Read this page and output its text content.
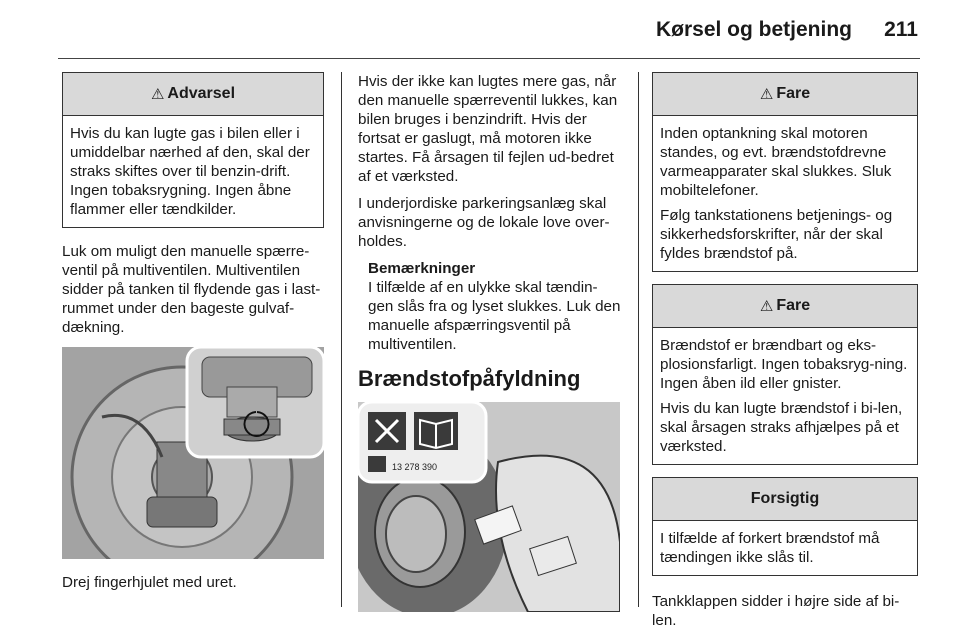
Kørsel og betjening 211
⚠ Advarsel

Hvis du kan lugte gas i bilen eller i umiddelbar nærhed af den, skal der straks skiftes over til benzin-drift. Ingen tobaksrygning. Ingen åbne flammer eller tændkilder.

Luk om muligt den manuelle spærre-ventil på multiventilen. Multiventilen sidder på tanken til flydende gas i last-rummet under den bageste gulvaf-dækning.

Drej fingerhjulet med uret.

Hvis der ikke kan lugtes mere gas, når den manuelle spærreventil lukkes, kan bilen bruges i benzindrift. Hvis der fortsat er gaslugt, må motoren ikke startes. Få årsagen til fejlen ud-bedret af et værksted.

I underjordiske parkeringsanlæg skal anvisningerne og de lokale love over-holdes.

Bemærkninger
I tilfælde af en ulykke skal tændin-gen slås fra og lyset slukkes. Luk den manuelle afspærringsventil på multiventilen.
Brændstofpåfyldning
13 278 390
⚠ Fare

Inden optankning skal motoren standes, og evt. brændstofdrevne varmeapparater skal slukkes. Sluk mobiltelefoner.

Følg tankstationens betjenings- og sikkerhedsforskrifter, når der skal fyldes brændstof på.

⚠ Fare

Brændstof er brændbart og eks-plosionsfarligt. Ingen tobaksryg-ning. Ingen åben ild eller gnister.

Hvis du kan lugte brændstof i bi-len, skal årsagen straks afhjælpes på et værksted.

Forsigtig

I tilfælde af forkert brændstof må tændingen ikke slås til.

Tankklappen sidder i højre side af bi-len.
